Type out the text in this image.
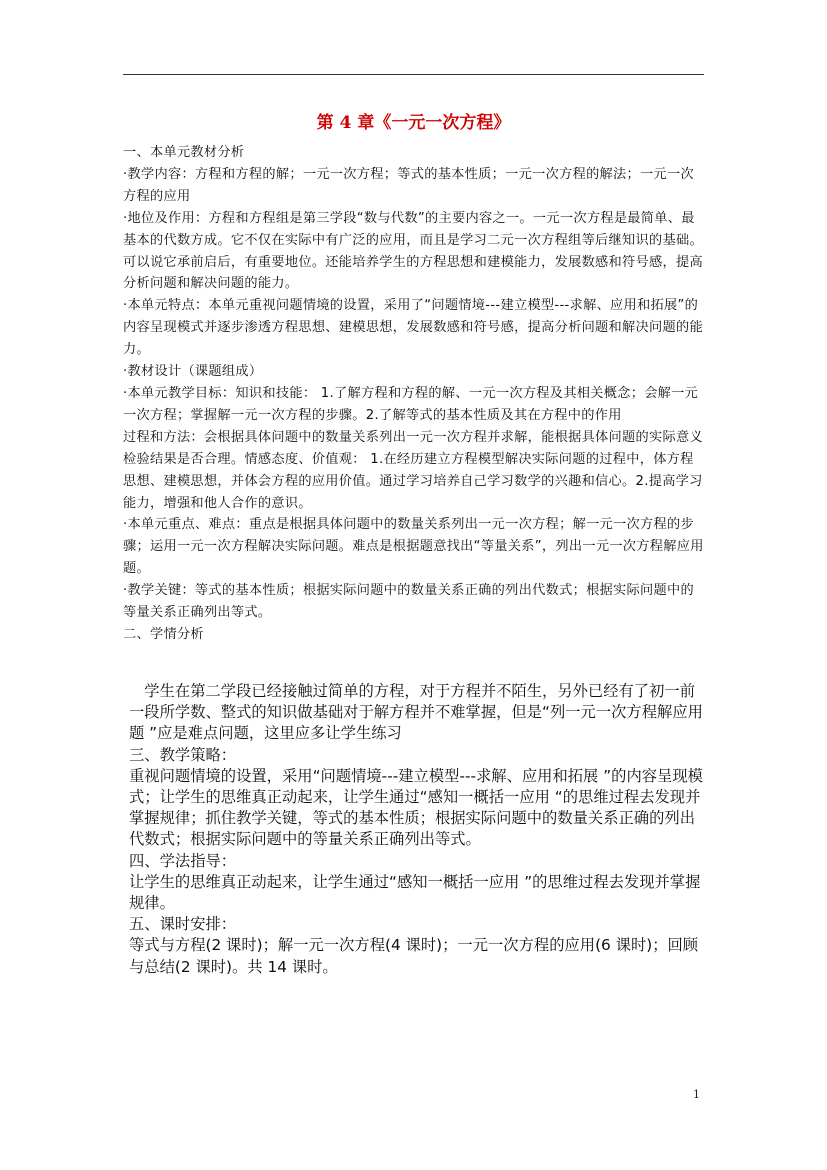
第 4 章《一元一次方程》

一、本单元教材分析

·教学内容：方程和方程的解；一元一次方程；等式的基本性质；一元一次方程的解法；一元一次方程的应用

·地位及作用：方程和方程组是第三学段“数与代数”的主要内容之一。一元一次方程是最简单、最基本的代数方成。它不仅在实际中有广泛的应用，而且是学习二元一次方程组等后继知识的基础。可以说它承前启后，有重要地位。还能培养学生的方程思想和建模能力，发展数感和符号感，提高分析问题和解决问题的能力。

·本单元特点：本单元重视问题情境的设置，采用了“问题情境---建立模型---求解、应用和拓展”的内容呈现模式并逐步渗透方程思想、建模思想，发展数感和符号感，提高分析问题和解决问题的能力。

·教材设计（课题组成）

·本单元教学目标：知识和技能： 1.了解方程和方程的解、一元一次方程及其相关概念；会解一元一次方程；掌握解一元一次方程的步骤。2.了解等式的基本性质及其在方程中的作用

过程和方法：会根据具体问题中的数量关系列出一元一次方程并求解，能根据具体问题的实际意义检验结果是否合理。情感态度、价值观： 1.在经历建立方程模型解决实际问题的过程中，体方程思想、建模思想，并体会方程的应用价值。通过学习培养自己学习数学的兴趣和信心。2.提高学习能力，增强和他人合作的意识。

·本单元重点、难点：重点是根据具体问题中的数量关系列出一元一次方程；解一元一次方程的步骤；运用一元一次方程解决实际问题。难点是根据题意找出“等量关系”，列出一元一次方程解应用题。

·教学关键：等式的基本性质；根据实际问题中的数量关系正确的列出代数式；根据实际问题中的等量关系正确列出等式。

二、学情分析

学生在第二学段已经接触过简单的方程，对于方程并不陌生，另外已经有了初一前一段所学数、整式的知识做基础对于解方程并不难掌握，但是“列一元一次方程解应用题 ”应是难点问题，这里应多让学生练习

三、教学策略：

重视问题情境的设置，采用“问题情境---建立模型---求解、应用和拓展 ”的内容呈现模式；让学生的思维真正动起来，让学生通过“感知一概括一应用 “的思维过程去发现并掌握规律；抓住教学关键，等式的基本性质；根据实际问题中的数量关系正确的列出代数式；根据实际问题中的等量关系正确列出等式。

四、学法指导：

让学生的思维真正动起来，让学生通过“感知一概括一应用 ”的思维过程去发现并掌握规律。

五、课时安排：

等式与方程(2 课时)；解一元一次方程(4 课时)；一元一次方程的应用(6 课时)；回顾与总结(2 课时)。共 14 课时。

1
